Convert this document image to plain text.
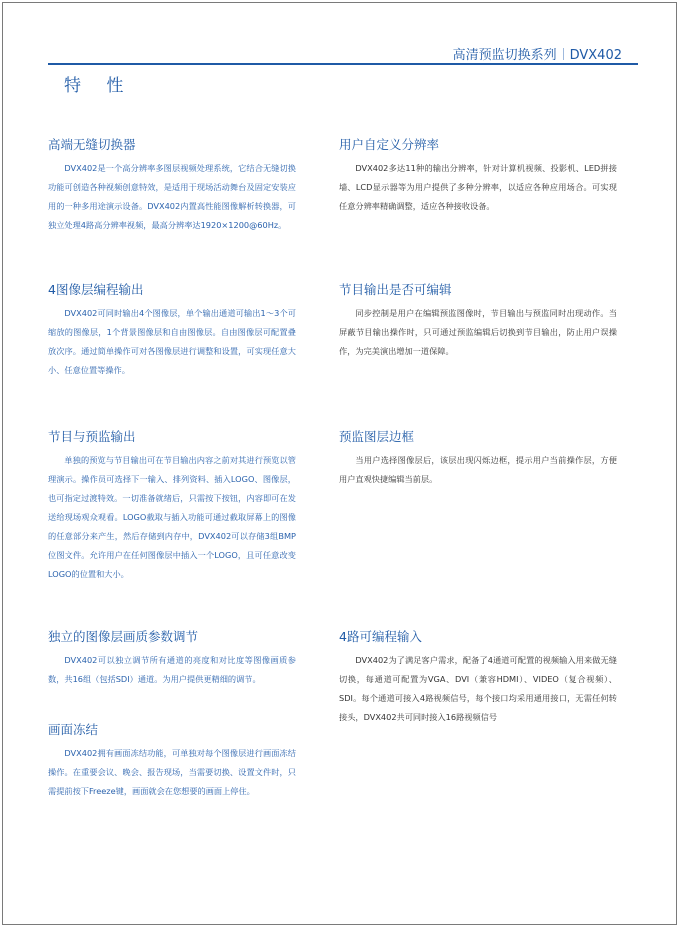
高清预监切换系列 DVX402
特 性
高端无缝切换器

DVX402是一个高分辨率多图层视频处理系统，它结合无缝切换功能可创造各种视频创意特效，是适用于现场活动舞台及固定安装应用的一种多用途演示设备。DVX402内置高性能图像解析转换器，可独立处理4路高分辨率视频，最高分辨率达1920×1200@60Hz。

用户自定义分辨率

DVX402多达11种的输出分辨率，针对计算机视频、投影机、LED拼接墙、LCD显示器等为用户提供了多种分辨率，以适应各种应用场合。可实现任意分辨率精确调整，适应各种接收设备。

4图像层编程输出

DVX402可同时输出4个图像层，单个输出通道可输出1～3个可缩放的图像层，1个背景图像层和自由图像层。自由图像层可配置叠放次序。通过简单操作可对各图像层进行调整和设置，可实现任意大小、任意位置等操作。

节目输出是否可编辑

同步控制是用户在编辑预监图像时，节目输出与预监同时出现动作。当屏蔽节目输出操作时，只可通过预监编辑后切换到节目输出，防止用户误操作，为完美演出增加一道保障。

节目与预监输出

单独的预览与节目输出可在节目输出内容之前对其进行预览以管理演示。操作员可选择下一输入、排列资料、插入LOGO、图像层，也可指定过渡特效。一切准备就绪后，只需按下按钮，内容即可在发送给现场观众观看。LOGO截取与插入功能可通过截取屏幕上的图像的任意部分来产生，然后存储到内存中，DVX402可以存储3组BMP位图文件。允许用户在任何图像层中插入一个LOGO，且可任意改变LOGO的位置和大小。

预监图层边框

当用户选择图像层后，该层出现闪烁边框，提示用户当前操作层，方便用户直观快捷编辑当前层。

独立的图像层画质参数调节

DVX402可以独立调节所有通道的亮度和对比度等图像画质参数，共16组（包括SDI）通道。为用户提供更精细的调节。

4路可编程输入

DVX402为了满足客户需求，配备了4通道可配置的视频输入用来做无缝切换，每通道可配置为VGA、DVI（兼容HDMI）、VIDEO（复合视频）、SDI。每个通道可接入4路视频信号，每个接口均采用通用接口，无需任何转接头，DVX402共可同时接入16路视频信号

画面冻结

DVX402拥有画面冻结功能，可单独对每个图像层进行画面冻结操作。在重要会议、晚会、报告现场，当需要切换、设置文件时，只需提前按下Freeze键，画面就会在您想要的画面上停住。
